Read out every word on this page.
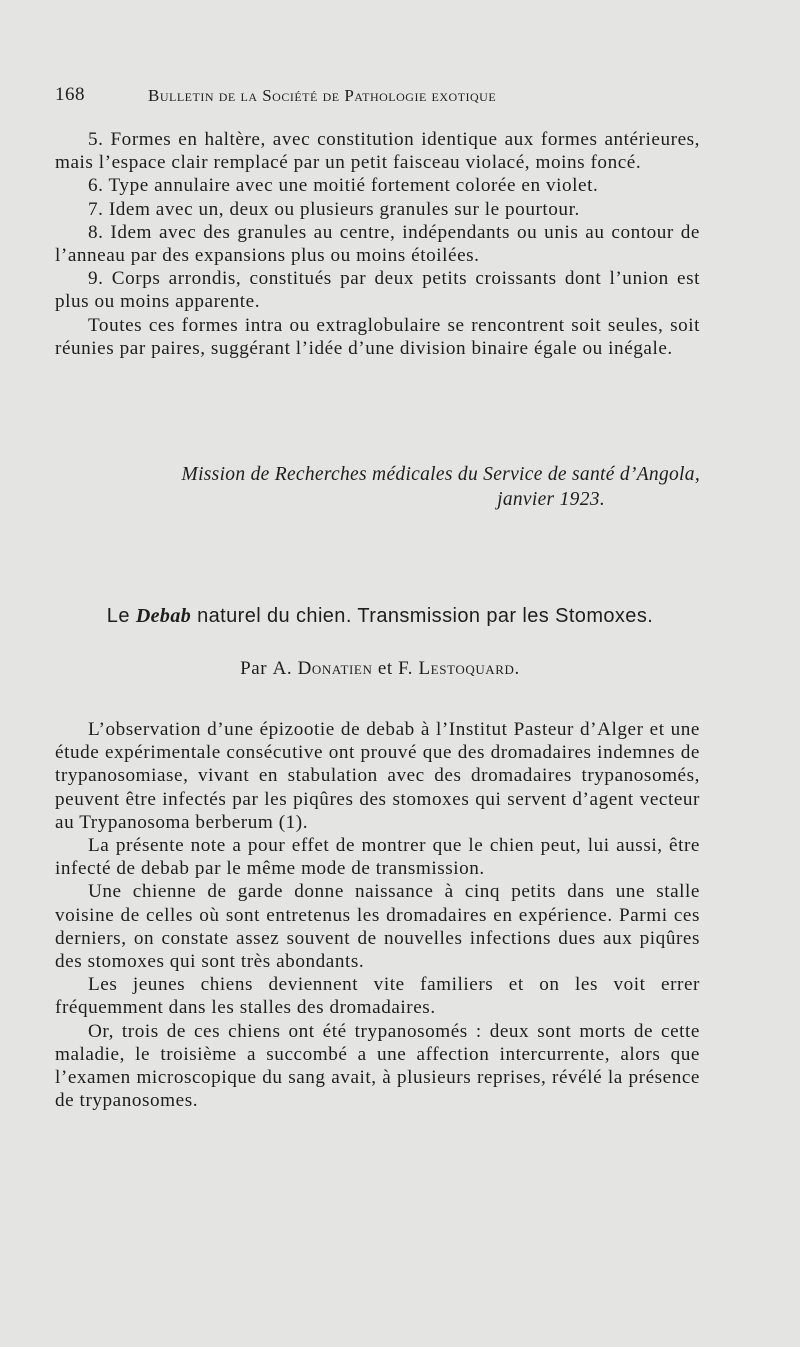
168	Bulletin de la Société de Pathologie exotique

5. Formes en haltère, avec constitution identique aux formes antérieures, mais l’espace clair remplacé par un petit faisceau violacé, moins foncé.

6. Type annulaire avec une moitié fortement colorée en violet.

7. Idem avec un, deux ou plusieurs granules sur le pourtour.

8. Idem avec des granules au centre, indépendants ou unis au contour de l’anneau par des expansions plus ou moins étoilées.

9. Corps arrondis, constitués par deux petits croissants dont l’union est plus ou moins apparente.

Toutes ces formes intra ou extraglobulaire se rencontrent soit seules, soit réunies par paires, suggérant l’idée d’une division binaire égale ou inégale.

Mission de Recherches médicales du Service de santé d’Angola,

janvier 1923.

Le Debab naturel du chien. Transmission par les Stomoxes.
Par A. Donatien et F. Lestoquard.

L’observation d’une épizootie de debab à l’Institut Pasteur d’Alger et une étude expérimentale consécutive ont prouvé que des dromadaires indemnes de trypanosomiase, vivant en stabulation avec des dromadaires trypanosomés, peuvent être infectés par les piqûres des stomoxes qui servent d’agent vecteur au Trypanosoma berberum (1).

La présente note a pour effet de montrer que le chien peut, lui aussi, être infecté de debab par le même mode de transmission.

Une chienne de garde donne naissance à cinq petits dans une stalle voisine de celles où sont entretenus les dromadaires en expérience. Parmi ces derniers, on constate assez souvent de nouvelles infections dues aux piqûres des stomoxes qui sont très abondants.

Les jeunes chiens deviennent vite familiers et on les voit errer fréquemment dans les stalles des dromadaires.

Or, trois de ces chiens ont été trypanosomés : deux sont morts de cette maladie, le troisième a succombé a une affection intercurrente, alors que l’examen microscopique du sang avait, à plusieurs reprises, révélé la présence de trypanosomes.
